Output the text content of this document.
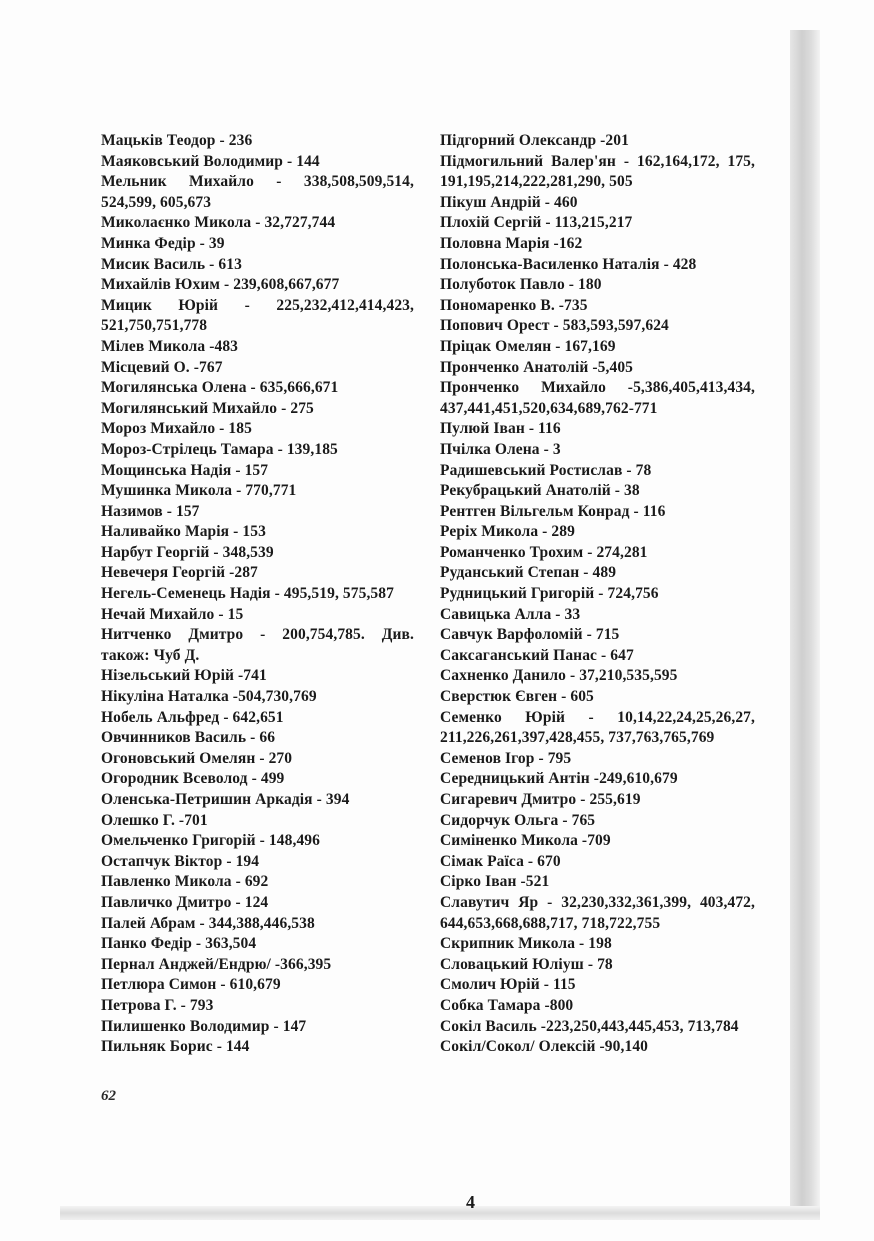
Мацьків Теодор - 236

Маяковський Володимир - 144

Мельник Михайло - 338,508,509,514, 524,599, 605,673

Миколаєнко Микола - 32,727,744

Минка Федір - 39

Мисик Василь - 613

Михайлів Юхим - 239,608,667,677

Мицик Юрій - 225,232,412,414,423, 521,750,751,778

Мілев Микола -483

Місцевий О. -767

Могилянська Олена - 635,666,671

Могилянський Михайло - 275

Мороз Михайло - 185

Мороз-Стрілець Тамара - 139,185

Мощинська Надія - 157

Мушинка Микола - 770,771

Назимов - 157

Наливайко Марія - 153

Нарбут Георгій - 348,539

Невечеря Георгій -287

Негель-Семенець Надія - 495,519, 575,587

Нечай Михайло - 15

Нитченко Дмитро - 200,754,785. Див. також: Чуб Д.

Нізельський Юрій -741

Нікуліна Наталка -504,730,769

Нобель Альфред - 642,651

Овчинников Василь - 66

Огоновський Омелян - 270

Огородник Всеволод - 499

Оленська-Петришин Аркадія - 394

Олешко Г. -701

Омельченко Григорій - 148,496

Остапчук Віктор - 194

Павленко Микола - 692

Павличко Дмитро - 124

Палей Абрам - 344,388,446,538

Панко Федір - 363,504

Пернал Анджей/Ендрю/ -366,395

Петлюра Симон - 610,679

Петрова Г. - 793

Пилишенко Володимир - 147

Пильняк Борис - 144

Підгорний Олександр -201

Підмогильний Валер'ян - 162,164,172, 175, 191,195,214,222,281,290, 505

Пікуш Андрій - 460

Плохій Сергій - 113,215,217

Половна Марія -162

Полонська-Василенко Наталія - 428

Полуботок Павло - 180

Пономаренко В. -735

Попович Орест - 583,593,597,624

Пріцак Омелян - 167,169

Пронченко Анатолій -5,405

Пронченко Михайло -5,386,405,413,434, 437,441,451,520,634,689,762-771

Пулюй Іван - 116

Пчілка Олена - 3

Радишевський Ростислав - 78

Рекубрацький Анатолій - 38

Рентген Вільгельм Конрад - 116

Реріх Микола - 289

Романченко Трохим - 274,281

Руданський Степан - 489

Рудницький Григорій - 724,756

Савицька Алла - 33

Савчук Варфоломій - 715

Саксаганський Панас - 647

Сахненко Данило - 37,210,535,595

Сверстюк Євген - 605

Семенко Юрій - 10,14,22,24,25,26,27, 211,226,261,397,428,455, 737,763,765,769

Семенов Ігор - 795

Середницький Антін -249,610,679

Сигаревич Дмитро - 255,619

Сидорчук Ольга - 765

Симіненко Микола -709

Сімак Раїса - 670

Сірко Іван -521

Славутич Яр - 32,230,332,361,399, 403,472, 644,653,668,688,717, 718,722,755

Скрипник Микола - 198

Словацький Юліуш - 78

Смолич Юрій - 115

Собка Тамара -800

Сокіл Василь -223,250,443,445,453, 713,784

Сокіл/Сокол/ Олексій -90,140

62
4
